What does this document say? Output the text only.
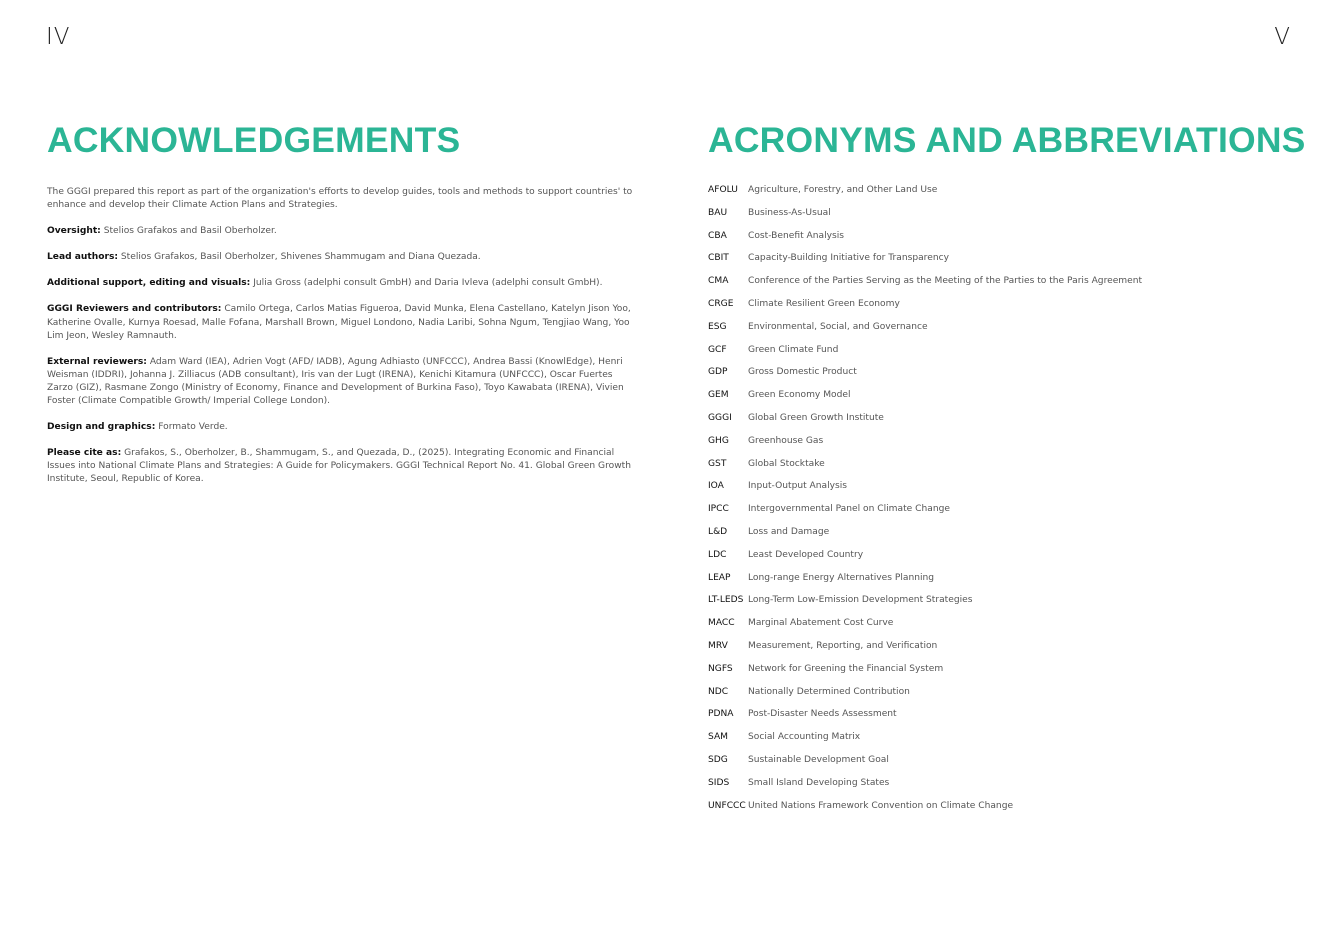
IV	V
ACKNOWLEDGEMENTS	ACRONYMS AND ABBREVIATIONS

The GGGI prepared this report as part of the organization's efforts to develop guides, tools and methods to support countries' to enhance and develop their Climate Action Plans and Strategies.

Oversight: Stelios Grafakos and Basil Oberholzer.

Lead authors: Stelios Grafakos, Basil Oberholzer, Shivenes Shammugam and Diana Quezada.

Additional support, editing and visuals: Julia Gross (adelphi consult GmbH) and Daria Ivleva (adelphi consult GmbH).

GGGI Reviewers and contributors: Camilo Ortega, Carlos Matias Figueroa, David Munka, Elena Castellano, Katelyn Jison Yoo, Katherine Ovalle, Kurnya Roesad, Malle Fofana, Marshall Brown, Miguel Londono, Nadia Laribi, Sohna Ngum, Tengjiao Wang, Yoo Lim Jeon, Wesley Ramnauth.

External reviewers: Adam Ward (IEA), Adrien Vogt (AFD/ IADB), Agung Adhiasto (UNFCCC), Andrea Bassi (KnowlEdge), Henri Weisman (IDDRI), Johanna J. Zilliacus (ADB consultant), Iris van der Lugt (IRENA), Kenichi Kitamura (UNFCCC), Oscar Fuertes Zarzo (GIZ), Rasmane Zongo (Ministry of Economy, Finance and Development of Burkina Faso), Toyo Kawabata (IRENA), Vivien Foster (Climate Compatible Growth/ Imperial College London).

Design and graphics: Formato Verde.

Please cite as: Grafakos, S., Oberholzer, B., Shammugam, S., and Quezada, D., (2025). Integrating Economic and Financial Issues into National Climate Plans and Strategies: A Guide for Policymakers. GGGI Technical Report No. 41. Global Green Growth Institute, Seoul, Republic of Korea.

AFOLU	Agriculture, Forestry, and Other Land Use
BAU	Business-As-Usual
CBA	Cost-Benefit Analysis
CBIT	Capacity-Building Initiative for Transparency
CMA	Conference of the Parties Serving as the Meeting of the Parties to the Paris Agreement
CRGE	Climate Resilient Green Economy
ESG	Environmental, Social, and Governance
GCF	Green Climate Fund
GDP	Gross Domestic Product
GEM	Green Economy Model
GGGI	Global Green Growth Institute
GHG	Greenhouse Gas
GST	Global Stocktake
IOA	Input-Output Analysis
IPCC	Intergovernmental Panel on Climate Change
L&D	Loss and Damage
LDC	Least Developed Country
LEAP	Long-range Energy Alternatives Planning
LT-LEDS Long-Term Low-Emission Development Strategies
MACC	Marginal Abatement Cost Curve
MRV	Measurement, Reporting, and Verification
NGFS	Network for Greening the Financial System
NDC	Nationally Determined Contribution
PDNA	Post-Disaster Needs Assessment
SAM	Social Accounting Matrix
SDG	Sustainable Development Goal
SIDS	Small Island Developing States
UNFCCC United Nations Framework Convention on Climate Change
